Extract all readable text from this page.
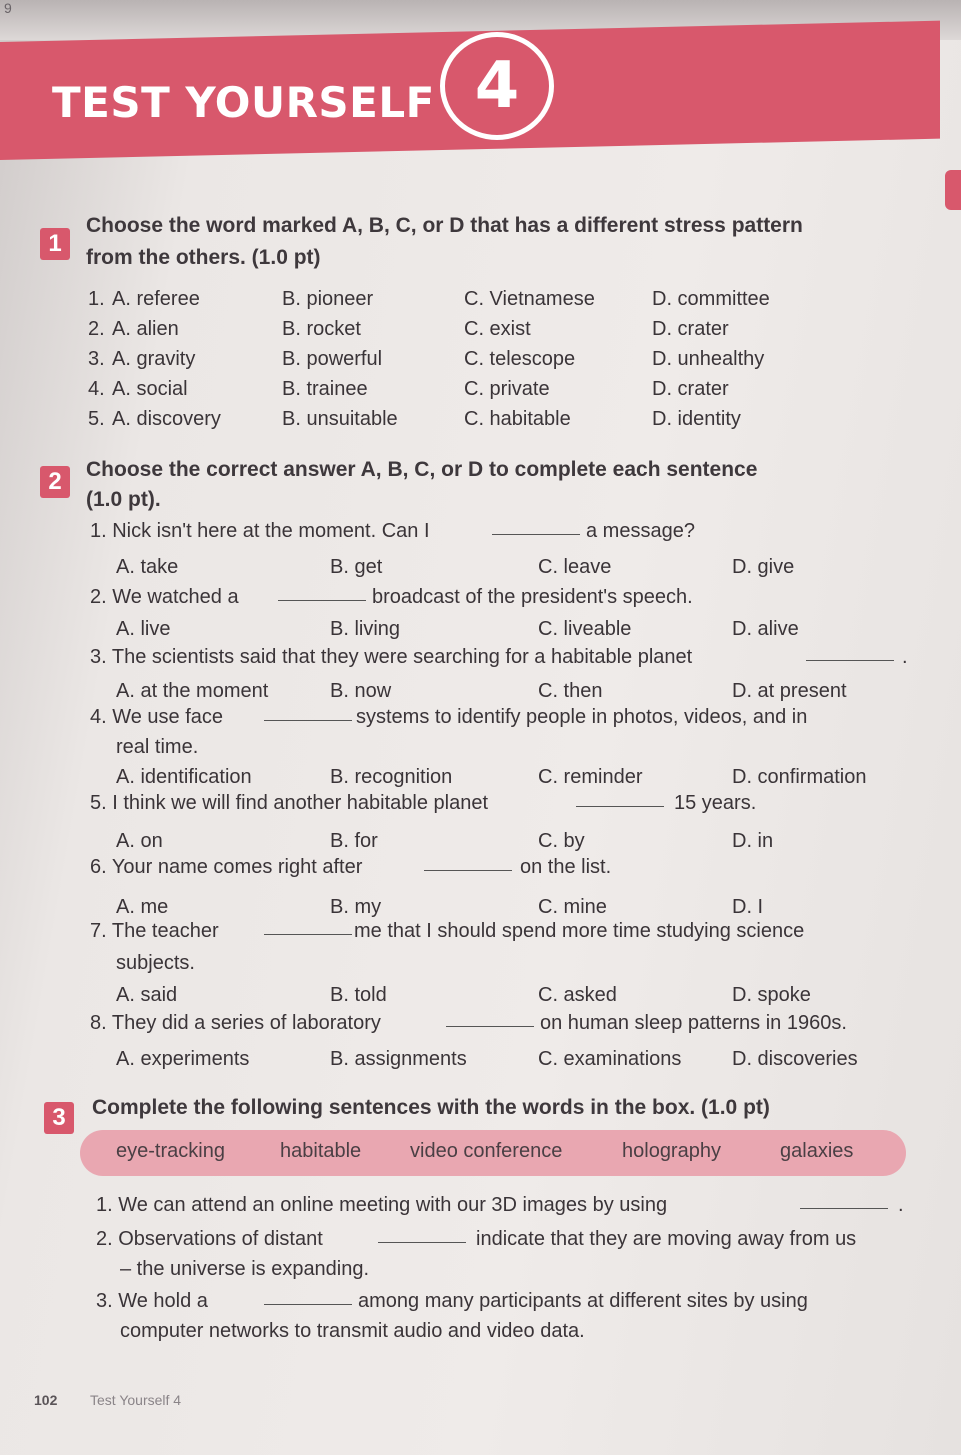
9
TEST YOURSELF 4
1
Choose the word marked A, B, C, or D that has a different stress pattern
from the others. (1.0 pt)
1. A. referee	B. pioneer	C. Vietnamese	D. committee
2. A. alien	B. rocket	C. exist	D. crater
3. A. gravity	B. powerful	C. telescope	D. unhealthy
4. A. social	B. trainee	C. private	D. crater
5. A. discovery	B. unsuitable	C. habitable	D. identity
2	Choose the correct answer A, B, C, or D to complete each sentence
(1.0 pt).
1. Nick isn't here at the moment. Can I	a message?
A. take	B. get	C. leave	D. give
2. We watched a	broadcast of the president's speech.
A. live	B. living	C. liveable	D. alive
3. The scientists said that they were searching for a habitable planet	.
A. at the moment	B. now	C. then	D. at present
4. We use face	systems to identify people in photos, videos, and in
real time.
A. identification	B. recognition	C. reminder	D. confirmation
5. I think we will find another habitable planet	15 years.
A. on	B. for	C. by	D. in
6. Your name comes right after	on the list.
A. me	B. my	C. mine	D. I
7. The teacher	me that I should spend more time studying science
subjects.
A. said	B. told	C. asked	D. spoke
8. They did a series of laboratory	on human sleep patterns in 1960s.
A. experiments	B. assignments	C. examinations	D. discoveries
3	Complete the following sentences with the words in the box. (1.0 pt)
eye-tracking	habitable video conference	holography	galaxies
1. We can attend an online meeting with our 3D images by using	.
2. Observations of distant	indicate that they are moving away from us
– the universe is expanding.
3. We hold a	among many participants at different sites by using
computer networks to transmit audio and video data.
102 Test Yourself 4
